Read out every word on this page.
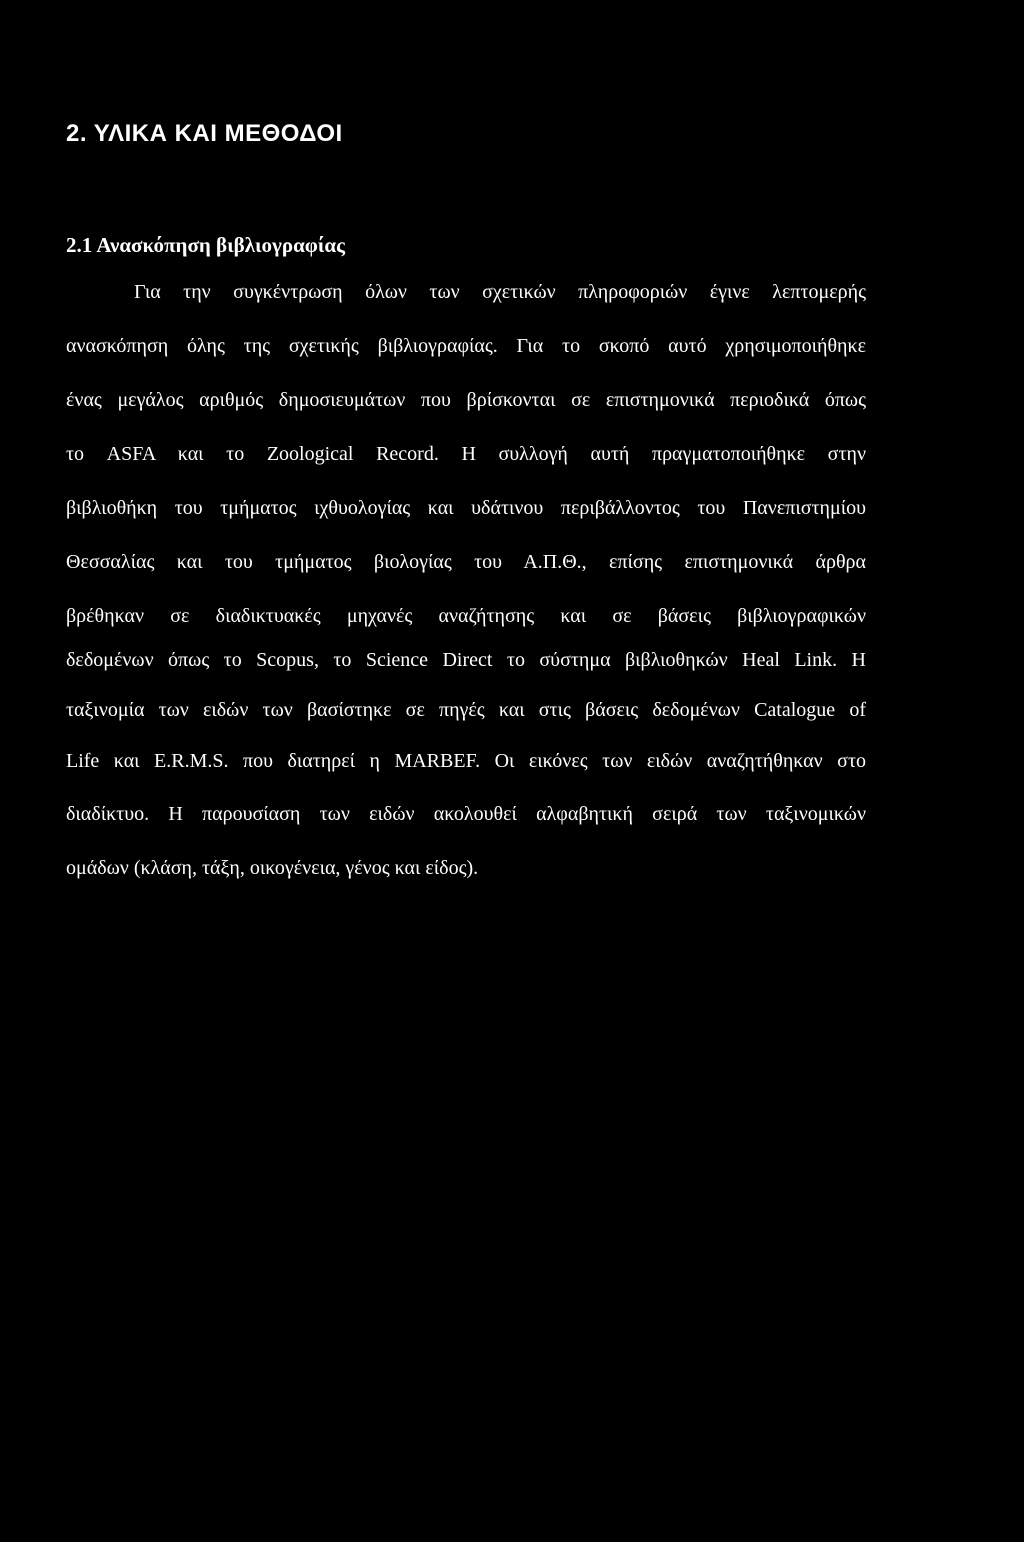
2. ΥΛΙΚΑ ΚΑΙ ΜΕΘΟΔΟΙ
2.1 Ανασκόπηση βιβλιογραφίας
Για την συγκέντρωση όλων των σχετικών πληροφοριών έγινε λεπτομερής
ανασκόπηση όλης της σχετικής βιβλιογραφίας. Για το σκοπό αυτό χρησιμοποιήθηκε
ένας μεγάλος αριθμός δημοσιευμάτων που βρίσκονται σε επιστημονικά περιοδικά όπως
το ASFA και το Zoological Record. Η συλλογή αυτή πραγματοποιήθηκε στην
βιβλιοθήκη του τμήματος ιχθυολογίας και υδάτινου περιβάλλοντος του Πανεπιστημίου
Θεσσαλίας και του τμήματος βιολογίας του Α.Π.Θ., επίσης επιστημονικά άρθρα
βρέθηκαν σε διαδικτυακές μηχανές αναζήτησης και σε βάσεις βιβλιογραφικών
δεδομένων όπως το Scopus, το Science Direct το σύστημα βιβλιοθηκών Heal Link. Η
ταξινομία των ειδών των βασίστηκε σε πηγές και στις βάσεις δεδομένων Catalogue of
Life και E.R.M.S. που διατηρεί η MARBEF. Οι εικόνες των ειδών αναζητήθηκαν στο
διαδίκτυο. Η παρουσίαση των ειδών ακολουθεί αλφαβητική σειρά των ταξινομικών
ομάδων (κλάση, τάξη, οικογένεια, γένος και είδος).
